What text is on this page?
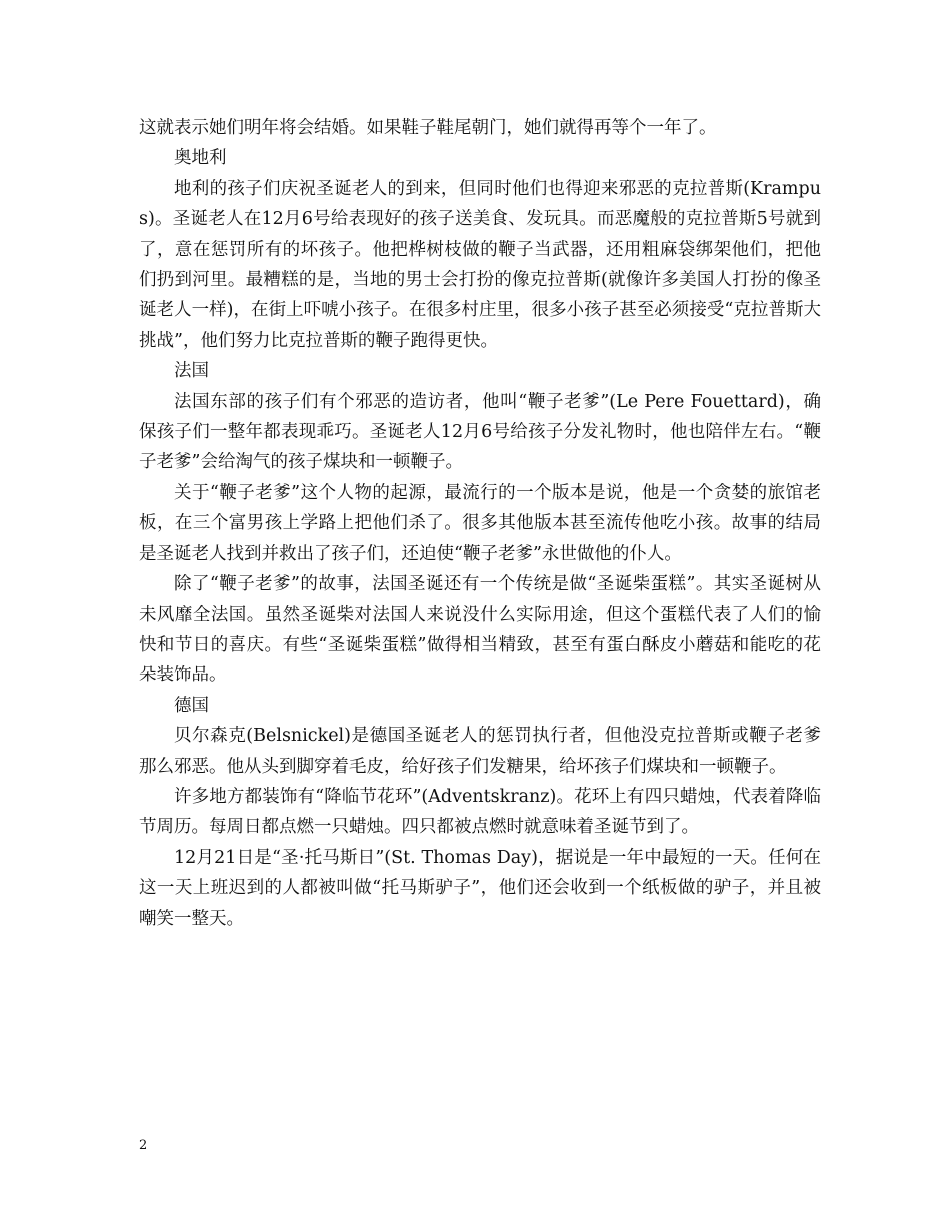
这就表示她们明年将会结婚。如果鞋子鞋尾朝门，她们就得再等个一年了。

奥地利

地利的孩子们庆祝圣诞老人的到来，但同时他们也得迎来邪恶的克拉普斯(Krampus)。圣诞老人在12月6号给表现好的孩子送美食、发玩具。而恶魔般的克拉普斯5号就到了，意在惩罚所有的坏孩子。他把桦树枝做的鞭子当武器，还用粗麻袋绑架他们，把他们扔到河里。最糟糕的是，当地的男士会打扮的像克拉普斯(就像许多美国人打扮的像圣诞老人一样)，在街上吓唬小孩子。在很多村庄里，很多小孩子甚至必须接受“克拉普斯大挑战”，他们努力比克拉普斯的鞭子跑得更快。

法国

法国东部的孩子们有个邪恶的造访者，他叫“鞭子老爹”(Le Pere Fouettard)，确保孩子们一整年都表现乖巧。圣诞老人12月6号给孩子分发礼物时，他也陪伴左右。“鞭子老爹”会给淘气的孩子煤块和一顿鞭子。

关于“鞭子老爹”这个人物的起源，最流行的一个版本是说，他是一个贪婪的旅馆老板，在三个富男孩上学路上把他们杀了。很多其他版本甚至流传他吃小孩。故事的结局是圣诞老人找到并救出了孩子们，还迫使“鞭子老爹”永世做他的仆人。

除了“鞭子老爹”的故事，法国圣诞还有一个传统是做“圣诞柴蛋糕”。其实圣诞树从未风靡全法国。虽然圣诞柴对法国人来说没什么实际用途，但这个蛋糕代表了人们的愉快和节日的喜庆。有些“圣诞柴蛋糕”做得相当精致，甚至有蛋白酥皮小蘑菇和能吃的花朵装饰品。

德国

贝尔森克(Belsnickel)是德国圣诞老人的惩罚执行者，但他没克拉普斯或鞭子老爹那么邪恶。他从头到脚穿着毛皮，给好孩子们发糖果，给坏孩子们煤块和一顿鞭子。

许多地方都装饰有“降临节花环”(Adventskranz)。花环上有四只蜡烛，代表着降临节周历。每周日都点燃一只蜡烛。四只都被点燃时就意味着圣诞节到了。

12月21日是“圣·托马斯日”(St. Thomas Day)，据说是一年中最短的一天。任何在这一天上班迟到的人都被叫做“托马斯驴子”，他们还会收到一个纸板做的驴子，并且被嘲笑一整天。

2
